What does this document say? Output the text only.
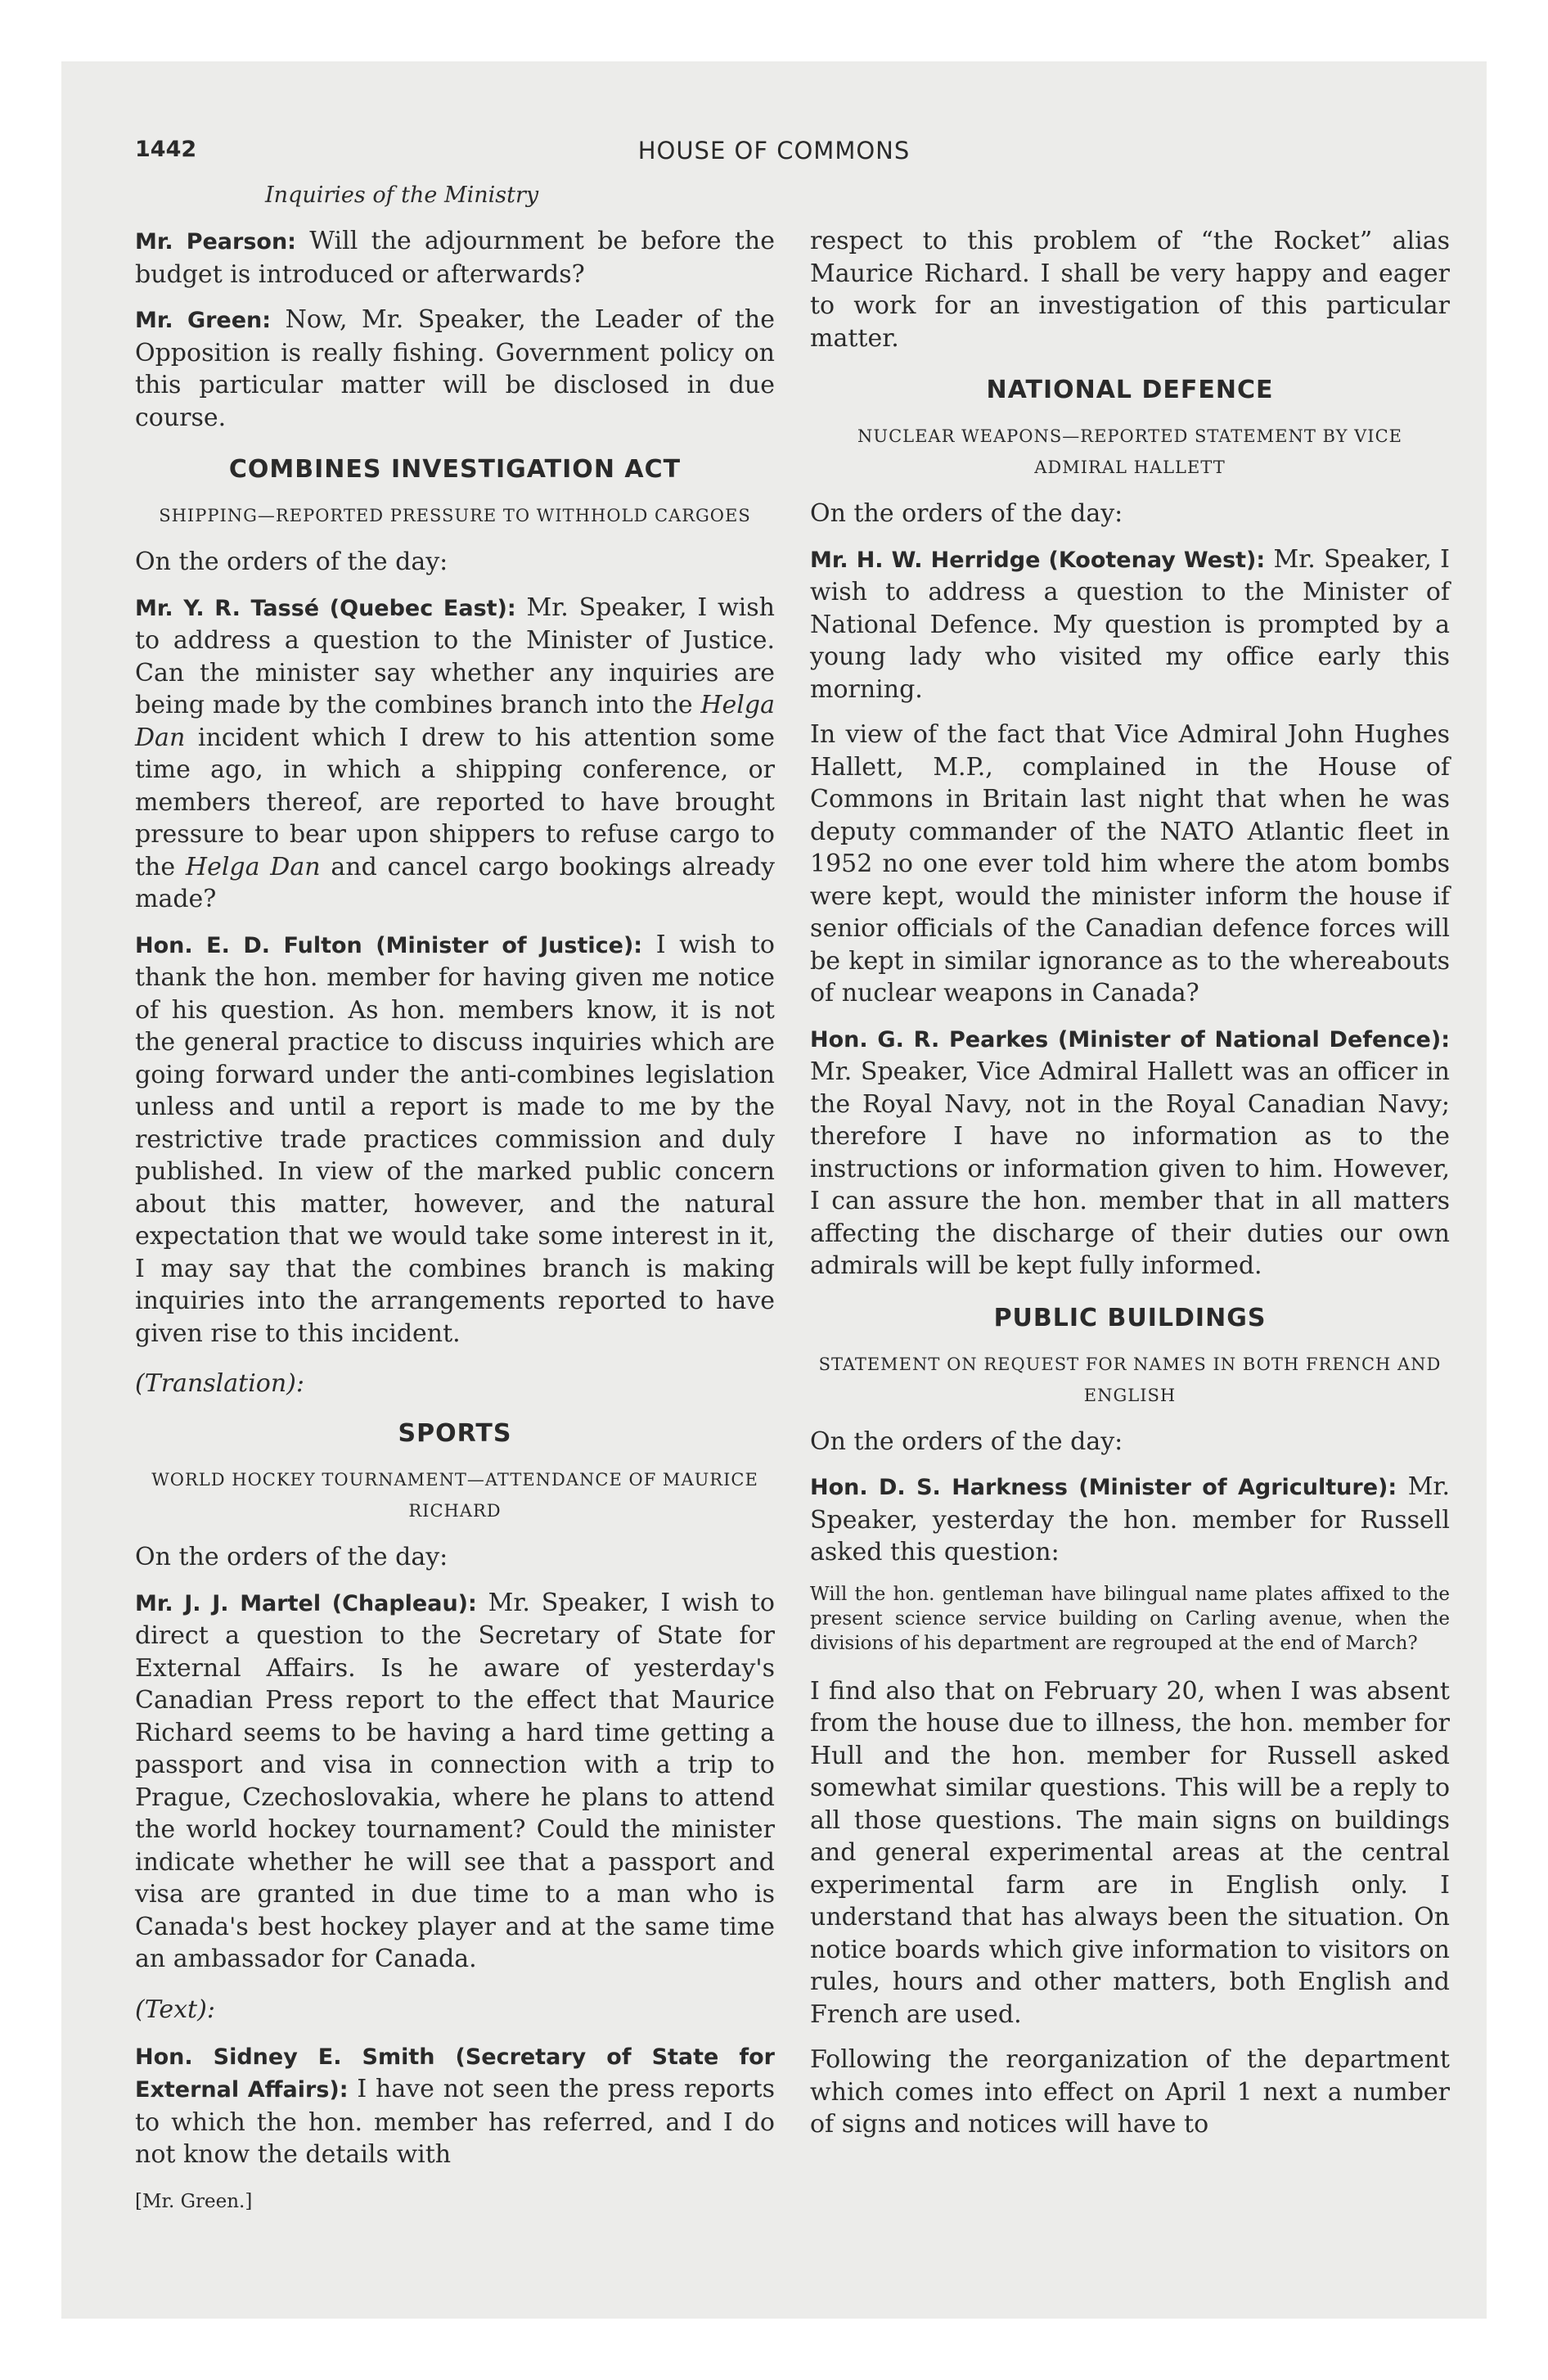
1442	HOUSE OF COMMONS
Inquiries of the Ministry

Mr. Pearson: Will the adjournment be before the budget is introduced or afterwards?

Mr. Green: Now, Mr. Speaker, the Leader of the Opposition is really fishing. Government policy on this particular matter will be disclosed in due course.

COMBINES INVESTIGATION ACT
SHIPPING—REPORTED PRESSURE TO WITHHOLD CARGOES
On the orders of the day:

Mr. Y. R. Tassé (Quebec East): Mr. Speaker, I wish to address a question to the Minister of Justice. Can the minister say whether any inquiries are being made by the combines branch into the Helga Dan incident which I drew to his attention some time ago, in which a shipping conference, or members thereof, are reported to have brought pressure to bear upon shippers to refuse cargo to the Helga Dan and cancel cargo bookings already made?

Hon. E. D. Fulton (Minister of Justice): I wish to thank the hon. member for having given me notice of his question. As hon. members know, it is not the general practice to discuss inquiries which are going forward under the anti-combines legislation unless and until a report is made to me by the restrictive trade practices commission and duly published. In view of the marked public concern about this matter, however, and the natural expectation that we would take some interest in it, I may say that the combines branch is making inquiries into the arrangements reported to have given rise to this incident.

(Translation):
SPORTS
WORLD HOCKEY TOURNAMENT—ATTENDANCE OF MAURICE RICHARD
On the orders of the day:

Mr. J. J. Martel (Chapleau): Mr. Speaker, I wish to direct a question to the Secretary of State for External Affairs. Is he aware of yesterday's Canadian Press report to the effect that Maurice Richard seems to be having a hard time getting a passport and visa in connection with a trip to Prague, Czechoslovakia, where he plans to attend the world hockey tournament? Could the minister indicate whether he will see that a passport and visa are granted in due time to a man who is Canada's best hockey player and at the same time an ambassador for Canada.

(Text):

Hon. Sidney E. Smith (Secretary of State for External Affairs): I have not seen the press reports to which the hon. member has referred, and I do not know the details with

[Mr. Green.]

respect to this problem of “the Rocket” alias Maurice Richard. I shall be very happy and eager to work for an investigation of this particular matter.

NATIONAL DEFENCE
NUCLEAR WEAPONS—REPORTED STATEMENT BY VICE ADMIRAL HALLETT
On the orders of the day:

Mr. H. W. Herridge (Kootenay West): Mr. Speaker, I wish to address a question to the Minister of National Defence. My question is prompted by a young lady who visited my office early this morning.

In view of the fact that Vice Admiral John Hughes Hallett, M.P., complained in the House of Commons in Britain last night that when he was deputy commander of the NATO Atlantic fleet in 1952 no one ever told him where the atom bombs were kept, would the minister inform the house if senior officials of the Canadian defence forces will be kept in similar ignorance as to the whereabouts of nuclear weapons in Canada?

Hon. G. R. Pearkes (Minister of National Defence): Mr. Speaker, Vice Admiral Hallett was an officer in the Royal Navy, not in the Royal Canadian Navy; therefore I have no information as to the instructions or information given to him. However, I can assure the hon. member that in all matters affecting the discharge of their duties our own admirals will be kept fully informed.

PUBLIC BUILDINGS
STATEMENT ON REQUEST FOR NAMES IN BOTH FRENCH AND ENGLISH
On the orders of the day:

Hon. D. S. Harkness (Minister of Agriculture): Mr. Speaker, yesterday the hon. member for Russell asked this question:

Will the hon. gentleman have bilingual name plates affixed to the present science service building on Carling avenue, when the divisions of his department are regrouped at the end of March?

I find also that on February 20, when I was absent from the house due to illness, the hon. member for Hull and the hon. member for Russell asked somewhat similar questions. This will be a reply to all those questions. The main signs on buildings and general experimental areas at the central experimental farm are in English only. I understand that has always been the situation. On notice boards which give information to visitors on rules, hours and other matters, both English and French are used.

Following the reorganization of the department which comes into effect on April 1 next a number of signs and notices will have to
